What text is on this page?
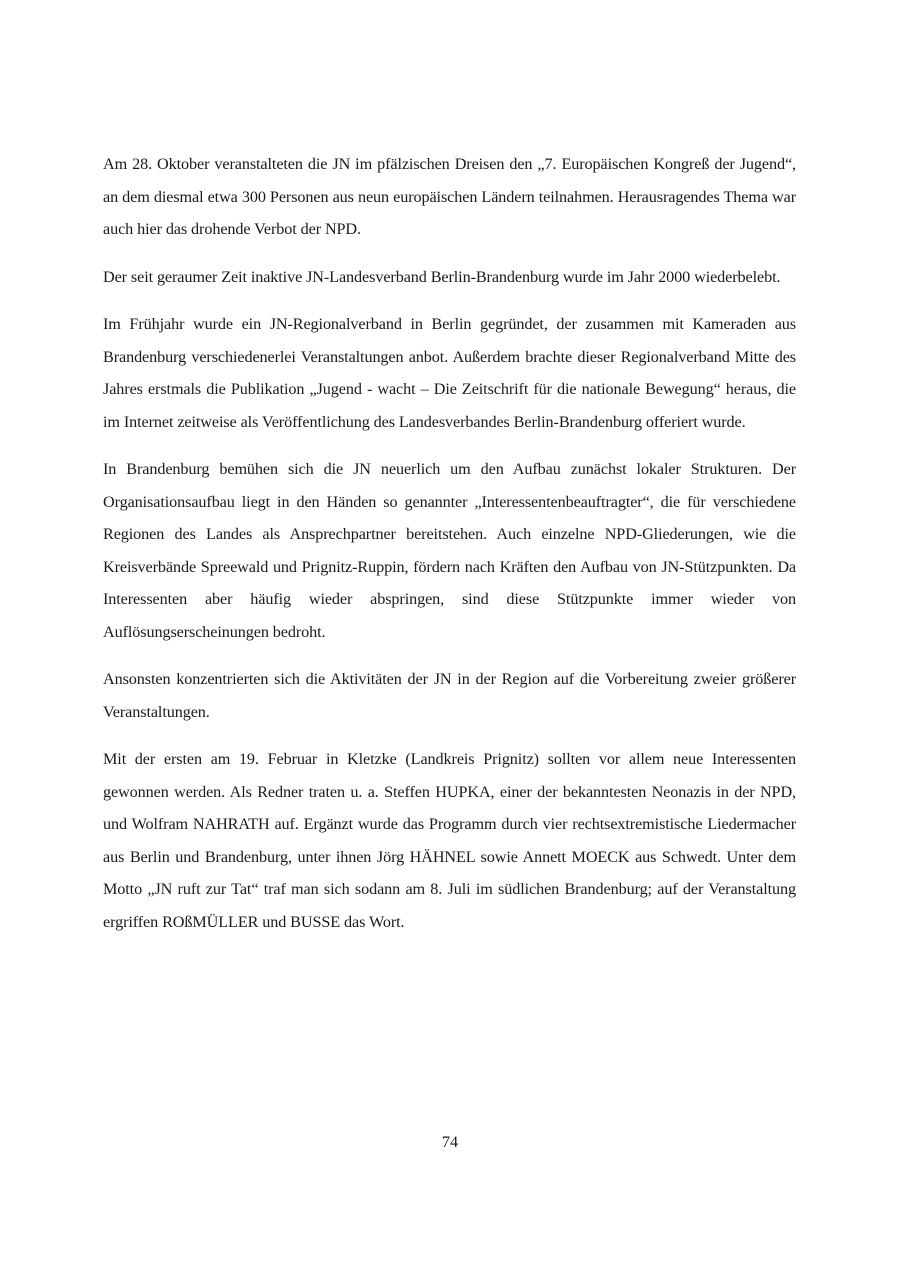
Am 28. Oktober veranstalteten die JN im pfälzischen Dreisen den „7. Europäischen Kongreß der Jugend“, an dem diesmal etwa 300 Personen aus neun europäischen Ländern teilnahmen. Herausragendes Thema war auch hier das drohende Verbot der NPD.

Der seit geraumer Zeit inaktive JN-Landesverband Berlin-Brandenburg wurde im Jahr 2000 wiederbelebt.

Im Frühjahr wurde ein JN-Regionalverband in Berlin gegründet, der zusammen mit Kameraden aus Brandenburg verschiedenerlei Veranstaltungen anbot. Außerdem brachte dieser Regionalverband Mitte des Jahres erstmals die Publikation „Jugend - wacht – Die Zeitschrift für die nationale Bewegung“ heraus, die im Internet zeitweise als Veröffentlichung des Landesverbandes Berlin-Brandenburg offeriert wurde.

In Brandenburg bemühen sich die JN neuerlich um den Aufbau zunächst lokaler Strukturen. Der Organisationsaufbau liegt in den Händen so genannter „Interessentenbeauftragter“, die für verschiedene Regionen des Landes als Ansprechpartner bereitstehen. Auch einzelne NPD-Gliederungen, wie die Kreisverbände Spreewald und Prignitz-Ruppin, fördern nach Kräften den Aufbau von JN-Stützpunkten. Da Interessenten aber häufig wieder abspringen, sind diese Stützpunkte immer wieder von Auflösungserscheinungen bedroht.

Ansonsten konzentrierten sich die Aktivitäten der JN in der Region auf die Vorbereitung zweier größerer Veranstaltungen.

Mit der ersten am 19. Februar in Kletzke (Landkreis Prignitz) sollten vor allem neue Interessenten gewonnen werden. Als Redner traten u. a. Steffen HUPKA, einer der bekanntesten Neonazis in der NPD, und Wolfram NAHRATH auf. Ergänzt wurde das Programm durch vier rechtsextremistische Liedermacher aus Berlin und Brandenburg, unter ihnen Jörg HÄHNEL sowie Annett MOECK aus Schwedt. Unter dem Motto „JN ruft zur Tat“ traf man sich sodann am 8. Juli im südlichen Brandenburg; auf der Veranstaltung ergriffen ROßMÜLLER und BUSSE das Wort.

74
